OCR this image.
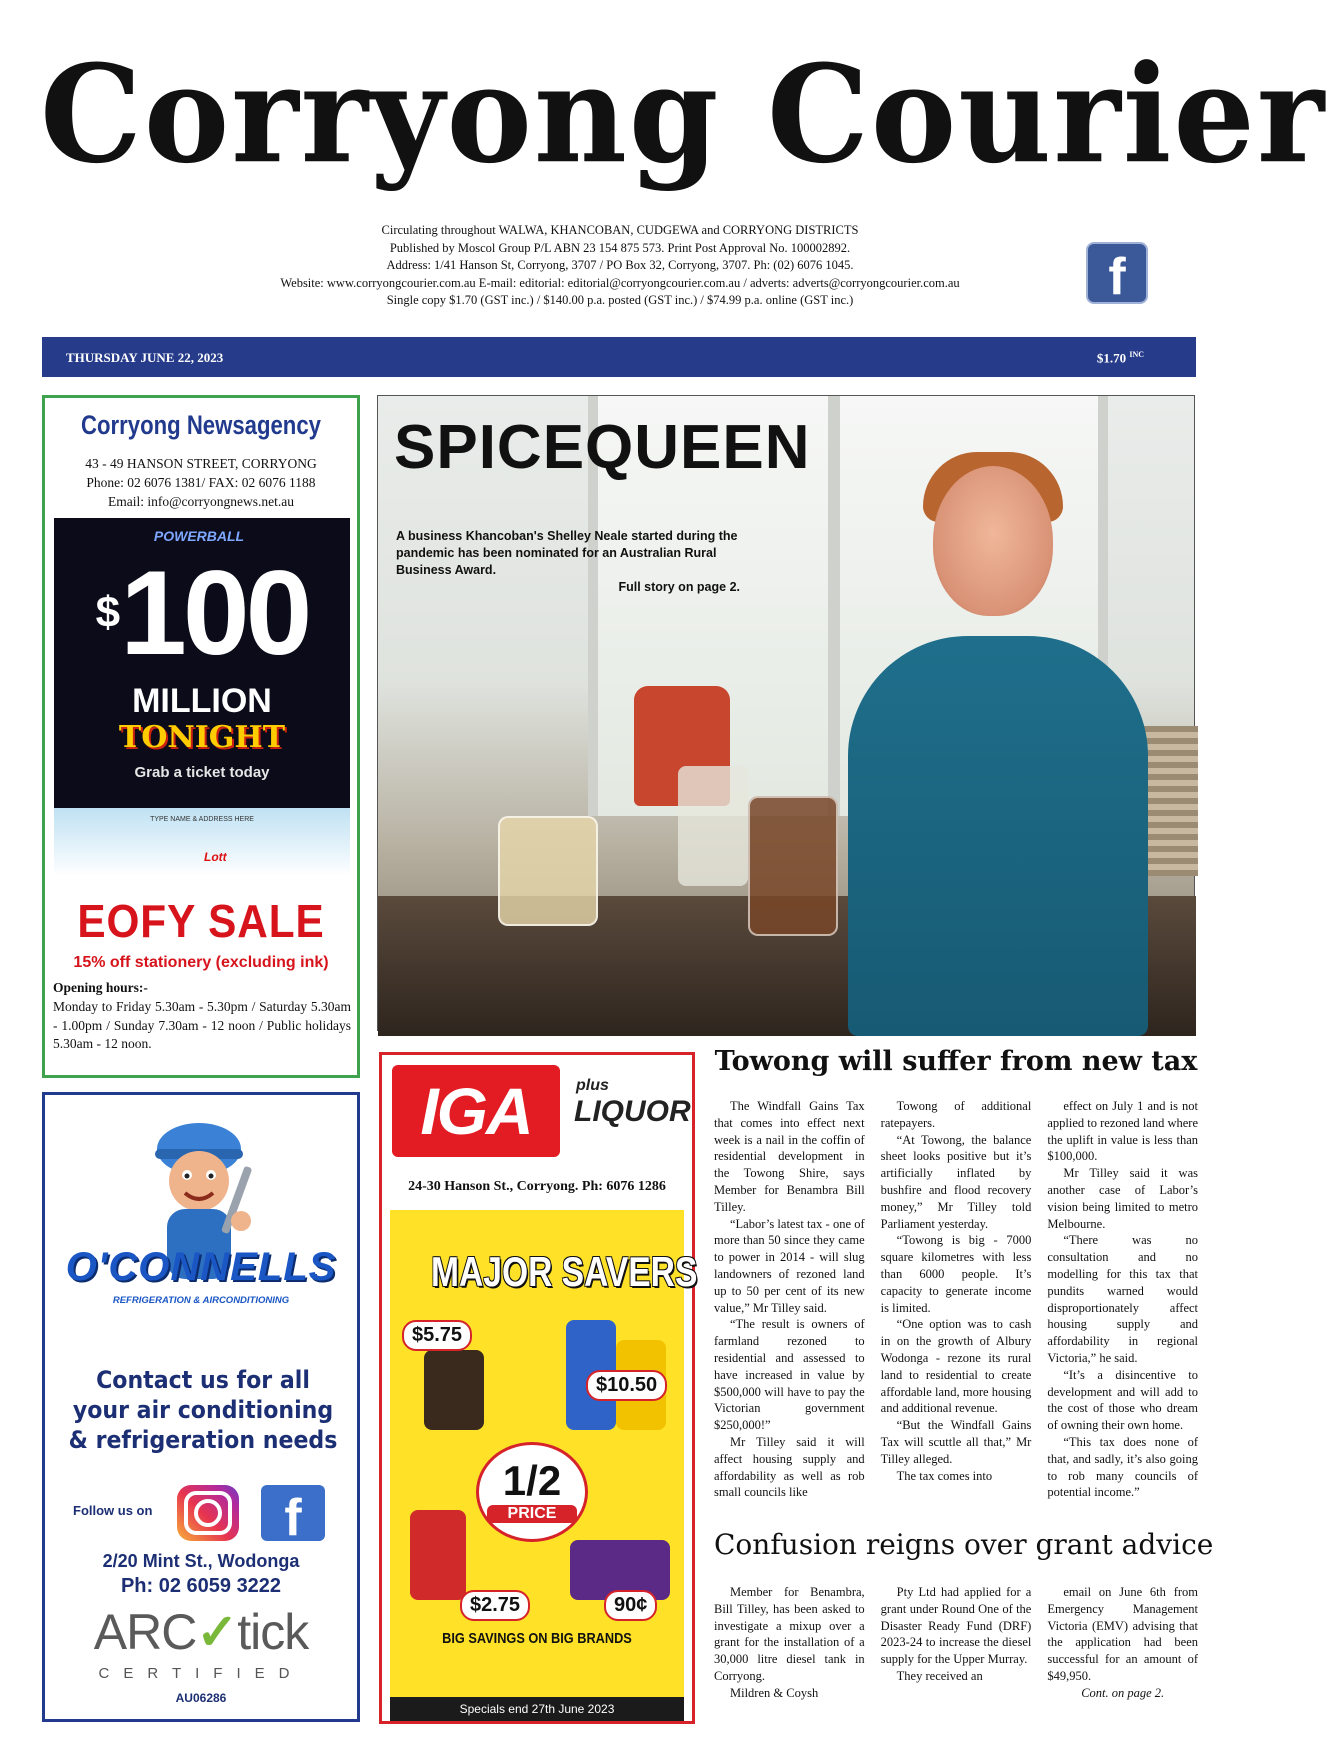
Corryong Courier
Circulating throughout WALWA, KHANCOBAN, CUDGEWA and CORRYONG DISTRICTS
Published by Moscol Group P/L ABN 23 154 875 573. Print Post Approval No. 100002892.
Address: 1/41 Hanson St, Corryong, 3707 / PO Box 32, Corryong, 3707. Ph: (02) 6076 1045.
Website: www.corryongcourier.com.au E-mail: editorial: editorial@corryongcourier.com.au / adverts: adverts@corryongcourier.com.au
Single copy $1.70 (GST inc.) / $140.00 p.a. posted (GST inc.) / $74.99 p.a. online (GST inc.)	f
THURSDAY JUNE 22, 2023	$1.70 $^{INC}$
Corryong Newsagency
43 - 49 HANSON STREET, CORRYONG
Phone: 02 6076 1381/ FAX: 02 6076 1188
Email: info@corryongnews.net.au
POWERBALL
$100
MILLION
TONIGHT
Grab a ticket today
TYPE NAME & ADDRESS HERE
Lott
EOFY SALE
15% off stationery (excluding ink)
Opening hours:-
Monday to Friday 5.30am - 5.30pm / Saturday 5.30am - 1.00pm / Sunday 7.30am - 12 noon / Public holidays 5.30am - 12 noon.
O'CONNELLS
REFRIGERATION & AIRCONDITIONING
Contact us for all your air conditioning & refrigeration needs
Follow us on	f
2/20 Mint St., Wodonga
Ph: 02 6059 3222
ARC✓tick
CERTIFIED
AU06286
SPICEQUEEN
A business Khancoban's Shelley Neale started during the pandemic has been nominated for an Australian Rural Business Award.
Full story on page 2.
IGA	plus
LIQUOR
24-30 Hanson St., Corryong. Ph: 6076 1286
MAJOR SAVERS
$5.75
$10.50
$2.75	90¢
1/2
PRICE
BIG SAVINGS ON BIG BRANDS
Specials end 27th June 2023
Towong will suffer from new tax

The Windfall Gains Tax that comes into effect next week is a nail in the coffin of residential development in the Towong Shire, says Member for Benambra Bill Tilley.

“Labor’s latest tax - one of more than 50 since they came to power in 2014 - will slug landowners of rezoned land up to 50 per cent of its new value,” Mr Tilley said.

“The result is owners of farmland rezoned to residential and assessed to have increased in value by $500,000 will have to pay the Victorian government $250,000!”

Mr Tilley said it will affect housing supply and affordability as well as rob small councils like

Towong of additional ratepayers.

“At Towong, the balance sheet looks positive but it’s artificially inflated by bushfire and flood recovery money,” Mr Tilley told Parliament yesterday.

“Towong is big - 7000 square kilometres with less than 6000 people. It’s capacity to generate income is limited.

“One option was to cash in on the growth of Albury Wodonga - rezone its rural land to residential to create affordable land, more housing and additional revenue.

“But the Windfall Gains Tax will scuttle all that,” Mr Tilley alleged.

The tax comes into

effect on July 1 and is not applied to rezoned land where the uplift in value is less than $100,000.

Mr Tilley said it was another case of Labor’s vision being limited to metro Melbourne.

“There was no consultation and no modelling for this tax that pundits warned would disproportionately affect housing supply and affordability in regional Victoria,” he said.

“It’s a disincentive to development and will add to the cost of those who dream of owning their own home.

“This tax does none of that, and sadly, it’s also going to rob many councils of potential income.”

Confusion reigns over grant advice

Member for Benambra, Bill Tilley, has been asked to investigate a mixup over a grant for the installation of a 30,000 litre diesel tank in Corryong.

Mildren & Coysh

Pty Ltd had applied for a grant under Round One of the Disaster Ready Fund (DRF) 2023-24 to increase the diesel supply for the Upper Murray.

They received an

email on June 6th from Emergency Management Victoria (EMV) advising that the application had been successful for an amount of $49,950.

Cont. on page 2.
